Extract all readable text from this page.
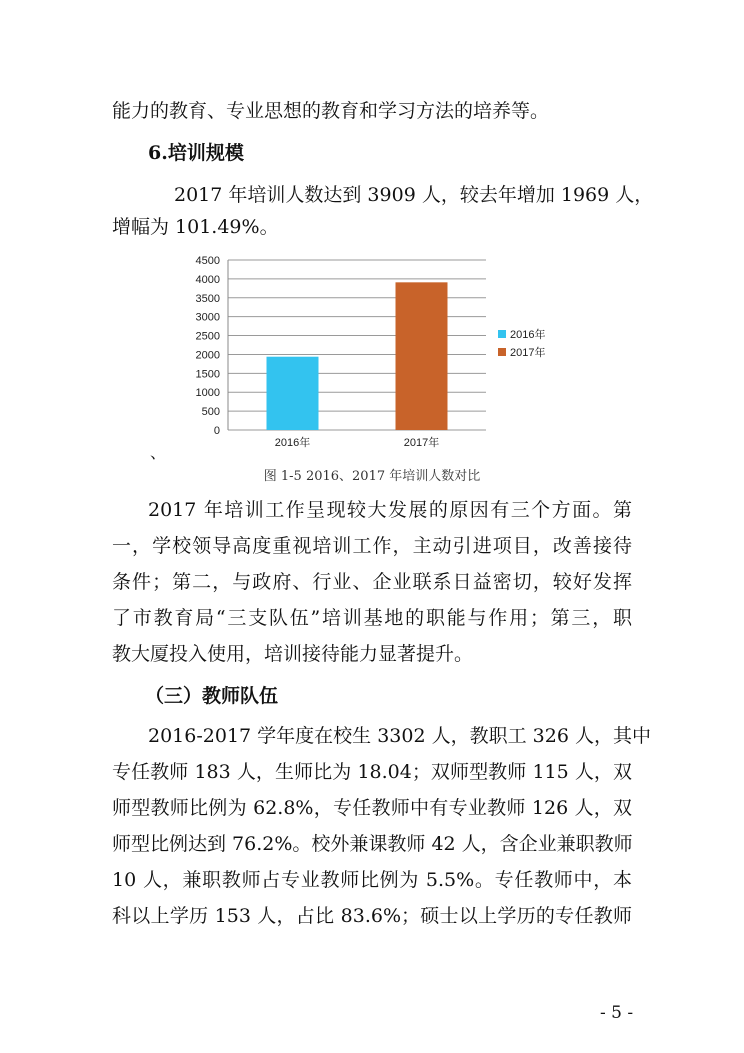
能力的教育、专业思想的教育和学习方法的培养等。
6.培训规模
2017 年培训人数达到 3909 人，较去年增加 1969 人，
增幅为 101.49%。
0
500
1000
1500
2000
2500
3000
3500
4000
4500
2016年	2017年
2016年
2017年
、
图 1-5 2016、2017 年培训人数对比
2017 年培训工作呈现较大发展的原因有三个方面。第
一，学校领导高度重视培训工作，主动引进项目，改善接待
条件；第二，与政府、行业、企业联系日益密切，较好发挥
了市教育局“三支队伍”培训基地的职能与作用；第三，职
教大厦投入使用，培训接待能力显著提升。
（三）教师队伍
2016-2017 学年度在校生 3302 人，教职工 326 人，其中
专任教师 183 人，生师比为 18.04；双师型教师 115 人，双
师型教师比例为 62.8%，专任教师中有专业教师 126 人，双
师型比例达到 76.2%。校外兼课教师 42 人，含企业兼职教师
10 人，兼职教师占专业教师比例为 5.5%。专任教师中，本
科以上学历 153 人，占比 83.6%；硕士以上学历的专任教师
- 5 -
